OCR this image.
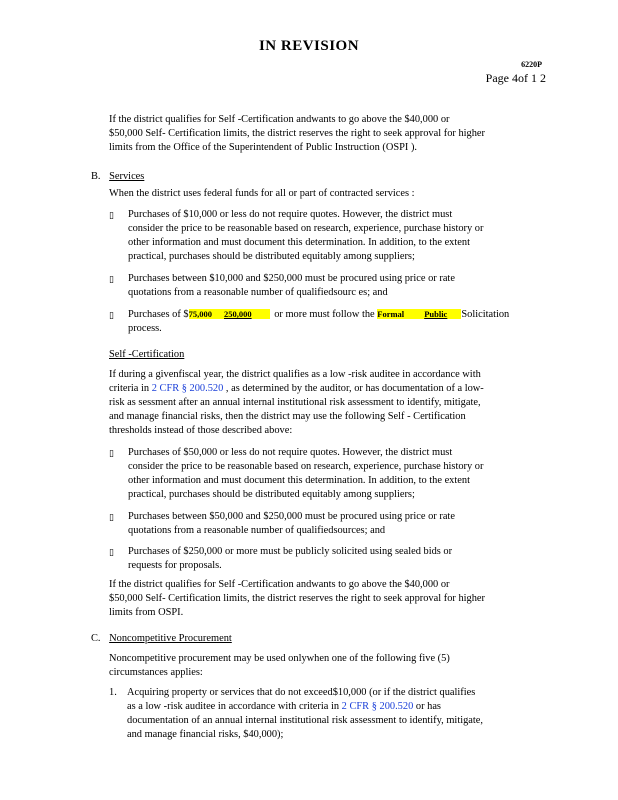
IN REVISION
6220P
Page 4of 1 2

If the district qualifies for Self -Certification andwants to go above the $40,000 or

$50,000 Self- Certification limits, the district reserves the right to seek approval for higher

limits from the Office of the Superintendent of Public Instruction (OSPI ).

B. Services
When the district uses federal funds for all or part of contracted services :
▯ Purchases of $10,000 or less do not require quotes. However, the district must

consider the price to be reasonable based on research, experience, purchase history or

other information and must document this determination. In addition, to the extent

practical, purchases should be distributed equitably among suppliers;

▯ Purchases between $10,000 and $250,000 must be procured using price or rate

quotations from a reasonable number of qualifiedsourc es; and

▯ Purchases of $75,000 250,000 or more must follow the Formal Public Solicitation

process.

Self -Certification

If during a givenfiscal year, the district qualifies as a low -risk auditee in accordance with

criteria in 2 CFR § 200.520 , as determined by the auditor, or has documentation of a low-

risk as sessment after an annual internal institutional risk assessment to identify, mitigate,

and manage financial risks, then the district may use the following Self - Certification

thresholds instead of those described above:

▯ Purchases of $50,000 or less do not require quotes. However, the district must

consider the price to be reasonable based on research, experience, purchase history or

other information and must document this determination. In addition, to the extent

practical, purchases should be distributed equitably among suppliers;

▯ Purchases between $50,000 and $250,000 must be procured using price or rate

quotations from a reasonable number of qualifiedsources; and

▯ Purchases of $250,000 or more must be publicly solicited using sealed bids or

requests for proposals.

If the district qualifies for Self -Certification andwants to go above the $40,000 or

$50,000 Self- Certification limits, the district reserves the right to seek approval for higher

limits from OSPI.

C. Noncompetitive Procurement

Noncompetitive procurement may be used onlywhen one of the following five (5)

circumstances applies:

1. Acquiring property or services that do not exceed$10,000 (or if the district qualifies

as a low -risk auditee in accordance with criteria in 2 CFR § 200.520 or has

documentation of an annual internal institutional risk assessment to identify, mitigate,

and manage financial risks, $40,000);
